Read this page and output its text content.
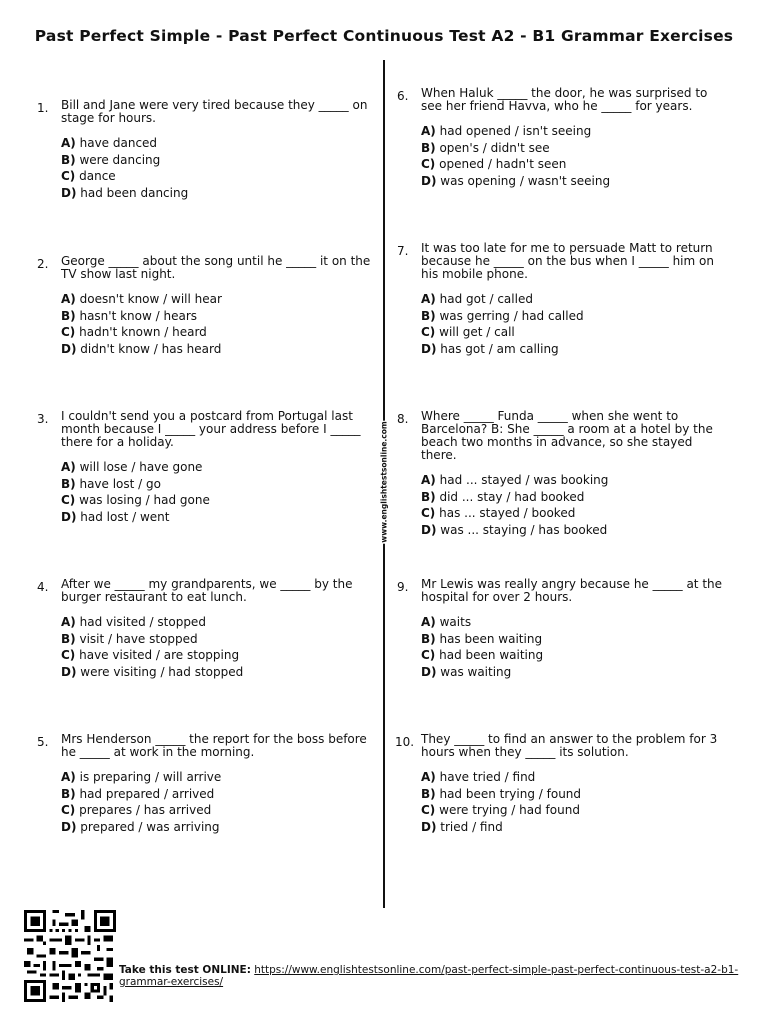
Past Perfect Simple - Past Perfect Continuous Test A2 - B1 Grammar Exercises
www.englishtestsonline.com
1. Bill and Jane were very tired because they _____ on stage for hours.
A) have danced
B) were dancing
C) dance
D) had been dancing
2. George _____ about the song until he _____ it on the TV show last night.
A) doesn't know / will hear
B) hasn't know / hears
C) hadn't known / heard
D) didn't know / has heard
3. I couldn't send you a postcard from Portugal last month because I _____ your address before I _____ there for a holiday.
A) will lose / have gone
B) have lost / go
C) was losing / had gone
D) had lost / went
4. After we _____ my grandparents, we _____ by the burger restaurant to eat lunch.
A) had visited / stopped
B) visit / have stopped
C) have visited / are stopping
D) were visiting / had stopped
5. Mrs Henderson _____ the report for the boss before he _____ at work in the morning.
A) is preparing / will arrive
B) had prepared / arrived
C) prepares / has arrived
D) prepared / was arriving
6. When Haluk _____ the door, he was surprised to see her friend Havva, who he _____ for years.
A) had opened / isn't seeing
B) open's / didn't see
C) opened / hadn't seen
D) was opening / wasn't seeing
7. It was too late for me to persuade Matt to return because he _____ on the bus when I _____ him on his mobile phone.
A) had got / called
B) was gerring / had called
C) will get / call
D) has got / am calling
8. Where _____ Funda _____ when she went to Barcelona? B: She _____ a room at a hotel by the beach two months in advance, so she stayed there.
A) had ... stayed / was booking
B) did ... stay / had booked
C) has ... stayed / booked
D) was ... staying / has booked
9. Mr Lewis was really angry because he _____ at the hospital for over 2 hours.
A) waits
B) has been waiting
C) had been waiting
D) was waiting
10. They _____ to find an answer to the problem for 3 hours when they _____ its solution.
A) have tried / find
B) had been trying / found
C) were trying / had found
D) tried / find
Take this test ONLINE: https://www.englishtestsonline.com/past-perfect-simple-past-perfect-continuous-test-a2-b1-grammar-exercises/
